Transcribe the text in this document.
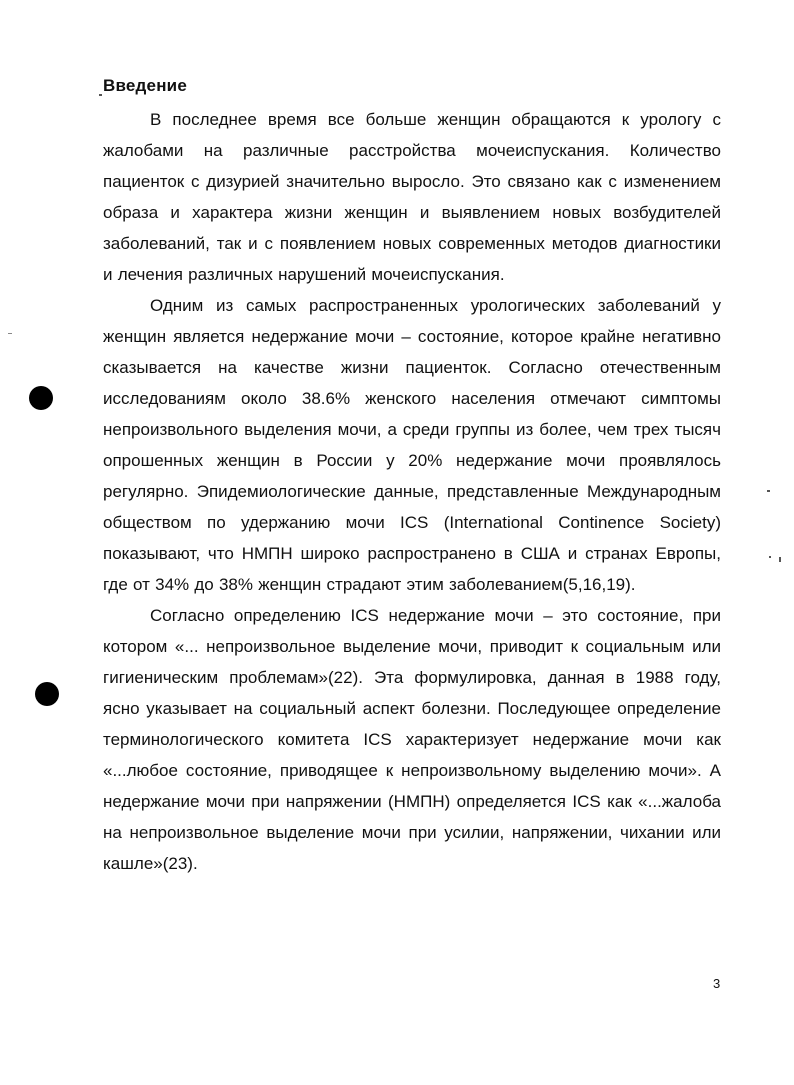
Введение

В последнее время все больше женщин обращаются к урологу с жалобами на различные расстройства мочеиспускания. Количество пациенток с дизурией значительно выросло. Это связано как с изменением образа и характера жизни женщин и выявлением новых возбудителей заболеваний, так и с появлением новых современных методов диагностики и лечения различных нарушений мочеиспускания.

Одним из самых распространенных урологических заболеваний у женщин является недержание мочи – состояние, которое крайне негативно сказывается на качестве жизни пациенток. Согласно отечественным исследованиям около 38.6% женского населения отмечают симптомы непроизвольного выделения мочи, а среди группы из более, чем трех тысяч опрошенных женщин в России у 20% недержание мочи проявлялось регулярно. Эпидемиологические данные, представленные Международным обществом по удержанию мочи ICS (International Continence Society) показывают, что НМПН широко распространено в США и странах Европы, где от 34% до 38% женщин страдают этим заболеванием(5,16,19).

Согласно определению ICS недержание мочи – это состояние, при котором «... непроизвольное выделение мочи, приводит к социальным или гигиеническим проблемам»(22). Эта формулировка, данная в 1988 году, ясно указывает на социальный аспект болезни. Последующее определение терминологического комитета ICS характеризует недержание мочи как «...любое состояние, приводящее к непроизвольному выделению мочи». А недержание мочи при напряжении (НМПН) определяется ICS как «...жалоба на непроизвольное выделение мочи при усилии, напряжении, чихании или кашле»(23).

3
